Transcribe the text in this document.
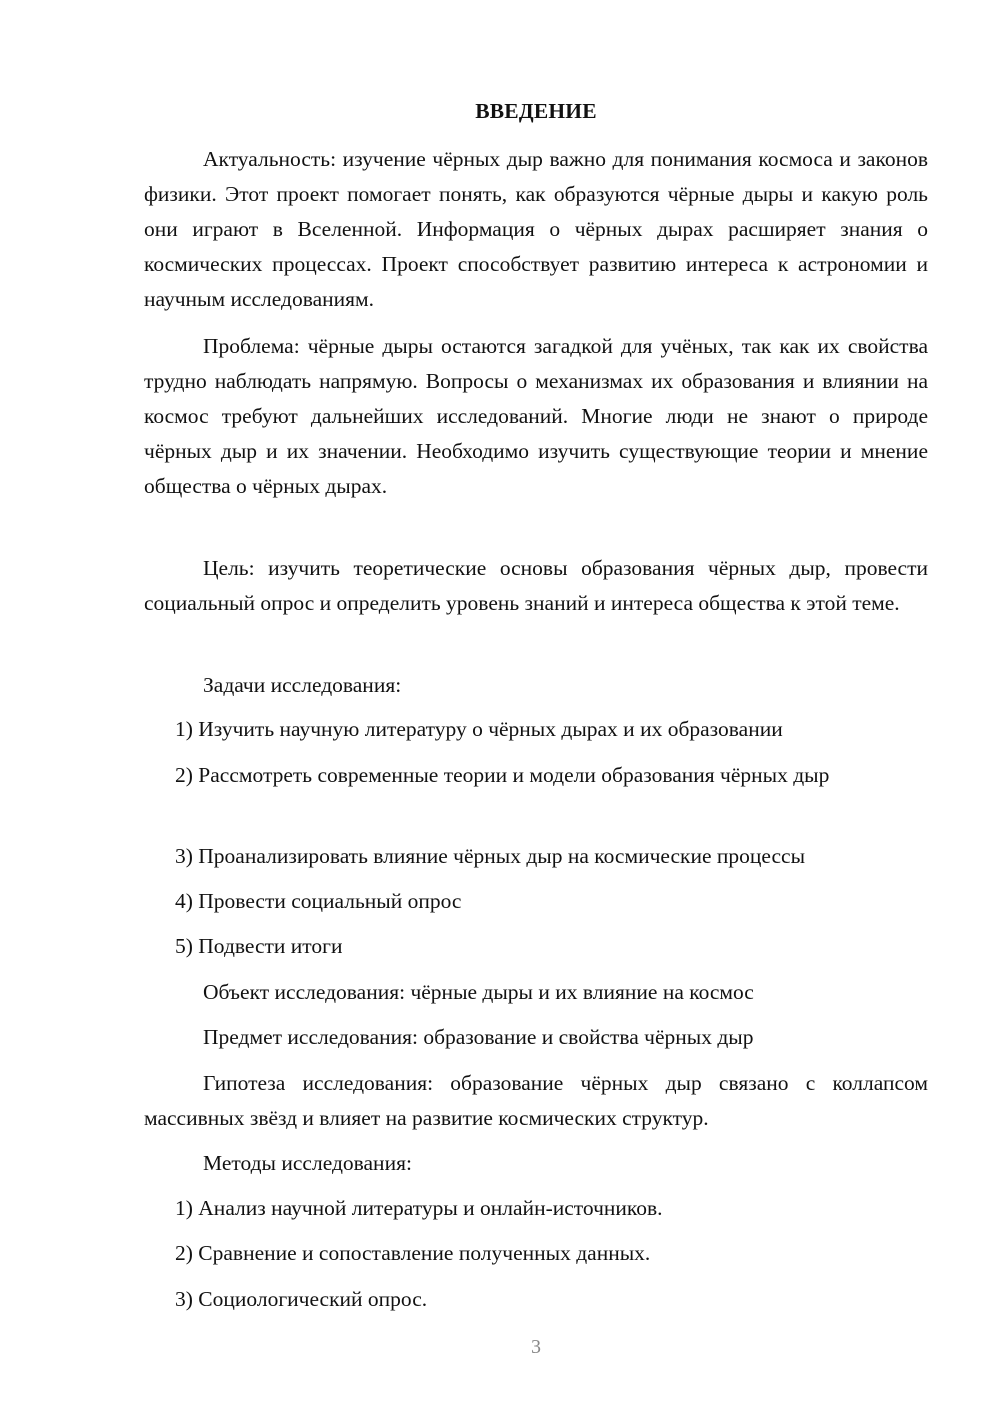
ВВЕДЕНИЕ

Актуальность: изучение чёрных дыр важно для понимания космоса и законов физики. Этот проект помогает понять, как образуются чёрные дыры и какую роль они играют в Вселенной. Информация о чёрных дырах расширяет знания о космических процессах. Проект способствует развитию интереса к астрономии и научным исследованиям.

Проблема: чёрные дыры остаются загадкой для учёных, так как их свойства трудно наблюдать напрямую. Вопросы о механизмах их образования и влиянии на космос требуют дальнейших исследований. Многие люди не знают о природе чёрных дыр и их значении. Необходимо изучить существующие теории и мнение общества о чёрных дырах.

Цель: изучить теоретические основы образования чёрных дыр, провести социальный опрос и определить уровень знаний и интереса общества к этой теме.

Задачи исследования:

1) Изучить научную литературу о чёрных дырах и их образовании

2) Рассмотреть современные теории и модели образования чёрных дыр

3) Проанализировать влияние чёрных дыр на космические процессы

4) Провести социальный опрос

5) Подвести итоги

Объект исследования: чёрные дыры и их влияние на космос

Предмет исследования: образование и свойства чёрных дыр

Гипотеза исследования: образование чёрных дыр связано с коллапсом массивных звёзд и влияет на развитие космических структур.

Методы исследования:

1) Анализ научной литературы и онлайн-источников.

2) Сравнение и сопоставление полученных данных.

3) Социологический опрос.

3
